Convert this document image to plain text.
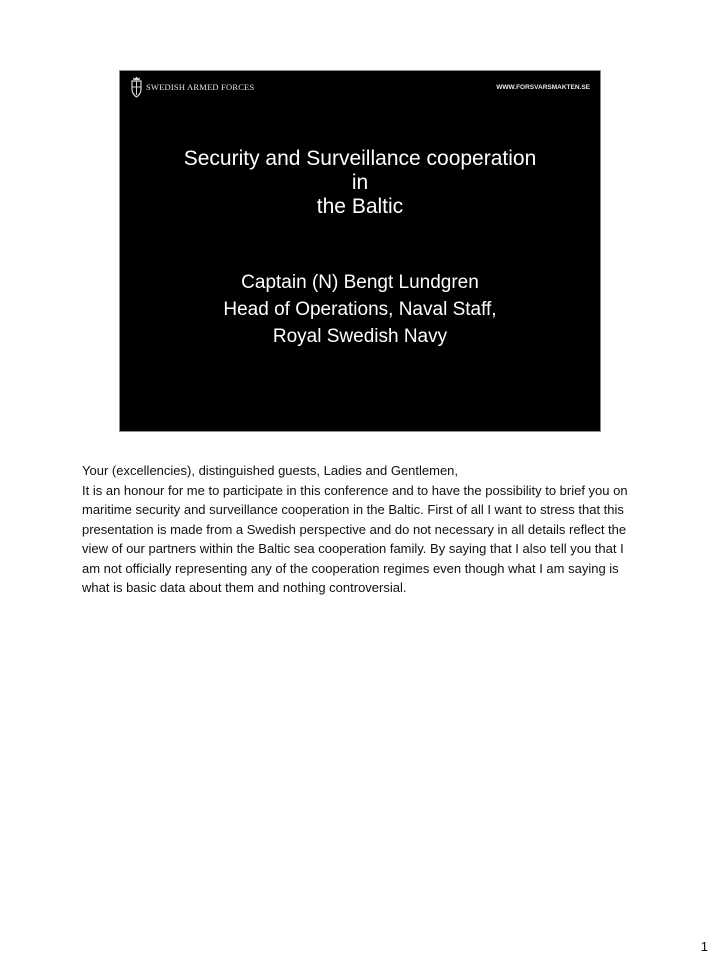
SWEDISH ARMED FORCES	WWW.FORSVARSMAKTEN.SE
Security and Surveillance cooperation
in
the Baltic
Captain (N) Bengt Lundgren
Head of Operations, Naval Staff,
Royal Swedish Navy

Your (excellencies), distinguished guests, Ladies and Gentlemen,

It is an honour for me to participate in this conference and to have the possibility to brief you on maritime security and surveillance cooperation in the Baltic. First of all I want to stress that this presentation is made from a Swedish perspective and do not necessary in all details reflect the view of our partners within the Baltic sea cooperation family. By saying that I also tell you that I am not officially representing any of the cooperation regimes even though what I am saying is what is basic data about them and nothing controversial.

1
